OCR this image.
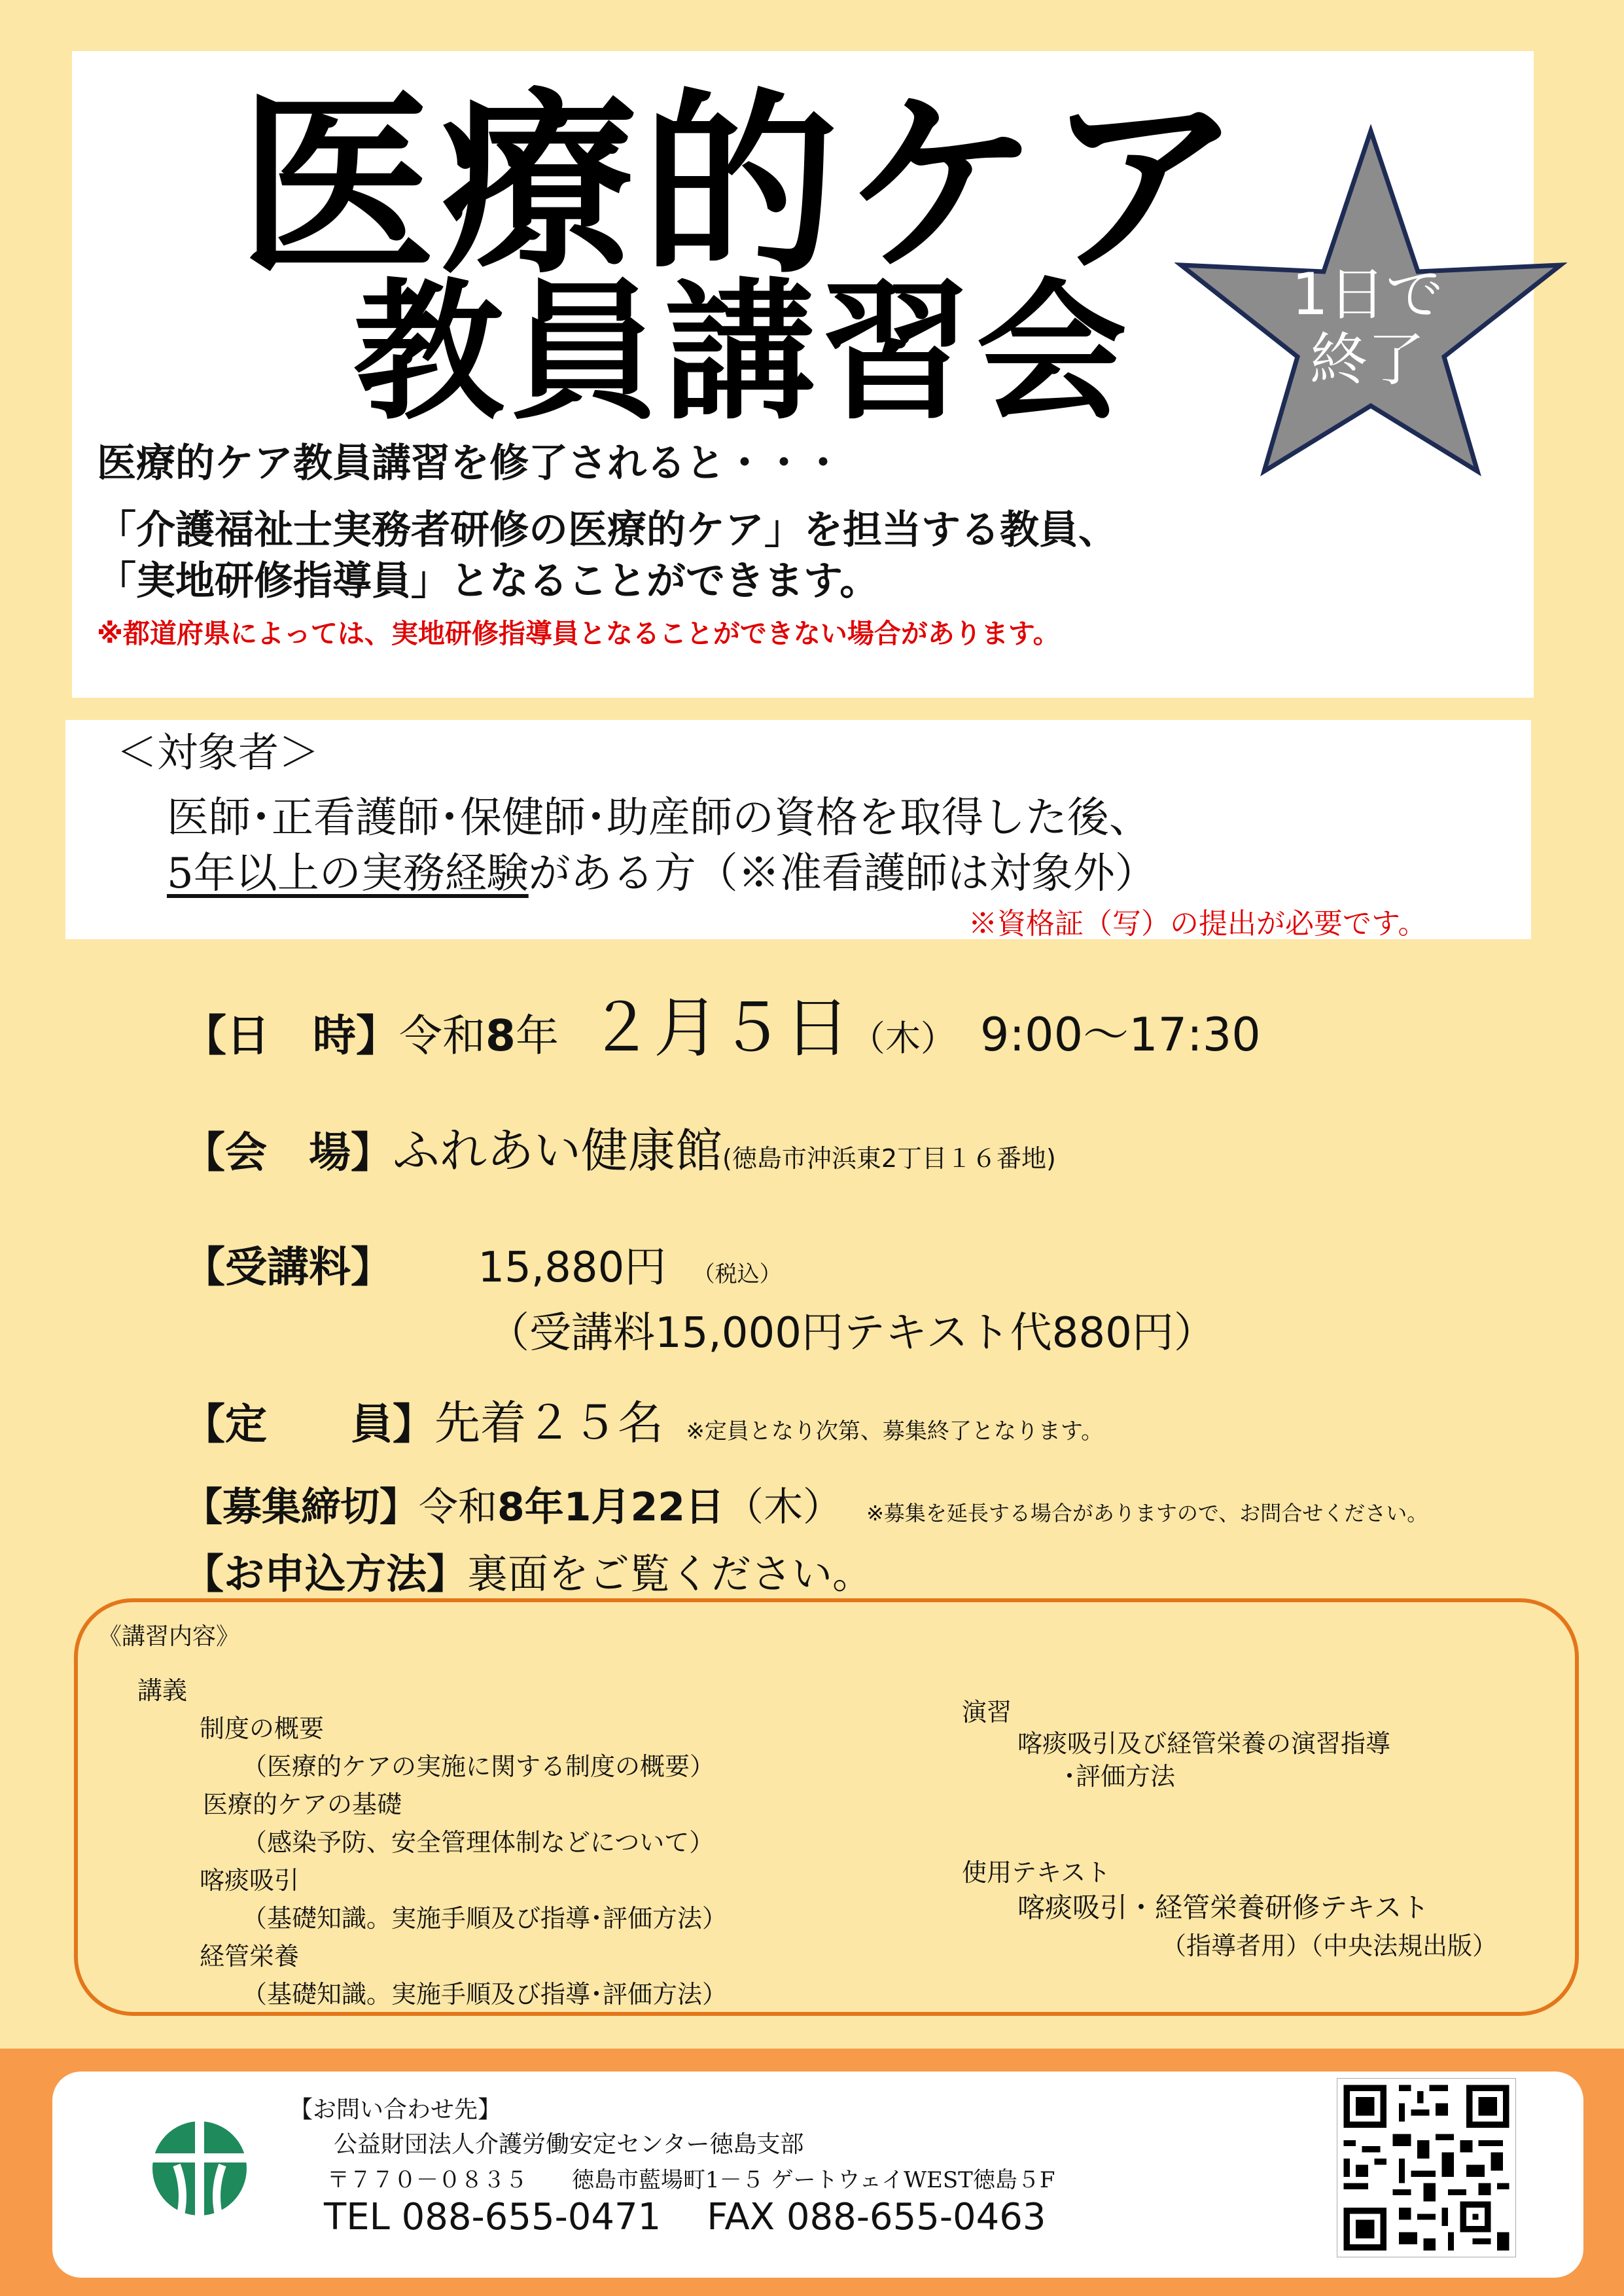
医療的ケア
教員講習会	1日で
終了
医療的ケア教員講習を修了されると・・・
「介護福祉士実務者研修の医療的ケア」を担当する教員、
「実地研修指導員」となることができます。
※都道府県によっては、実地研修指導員となることができない場合があります。
＜対象者＞
医師･正看護師･保健師･助産師の資格を取得した後、
5年以上の実務経験がある方（※准看護師は対象外）
※資格証（写）の提出が必要です。
【日　時】令和8年 ２月５日（木） 9:00～17:30
【会　場】ふれあい健康館(徳島市沖浜東2丁目１６番地)
【受講料】 15,880円 （税込）
（受講料15,000円テキスト代880円）
【定　　員】先着２５名 ※定員となり次第、募集終了となります。
【募集締切】令和8年1月22日（木） ※募集を延長する場合がありますので、お問合せください。
【お申込方法】裏面をご覧ください。
《講習内容》
講義
制度の概要
（医療的ケアの実施に関する制度の概要）
医療的ケアの基礎
（感染予防、安全管理体制などについて）
喀痰吸引
（基礎知識。実施手順及び指導･評価方法）
経管栄養
（基礎知識。実施手順及び指導･評価方法）
演習
喀痰吸引及び経管栄養の演習指導
･評価方法
使用テキスト
喀痰吸引・経管栄養研修テキスト
（指導者用）（中央法規出版）
【お問い合わせ先】
公益財団法人介護労働安定センター徳島支部
〒７７０－０８３５　　徳島市藍場町1－５ ゲートウェイWEST徳島５F
TEL 088-655-0471 FAX 088-655-0463
